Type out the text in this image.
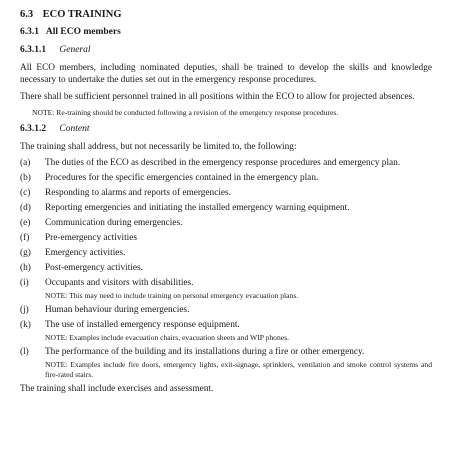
6.3 ECO TRAINING
6.3.1 All ECO members
6.3.1.1 General

All ECO members, including nominated deputies, shall be trained to develop the skills and knowledge necessary to undertake the duties set out in the emergency response procedures.

There shall be sufficient personnel trained in all positions within the ECO to allow for projected absences.

NOTE: Re-training should be conducted following a revision of the emergency response procedures.

6.3.1.2 Content

The training shall address, but not necessarily be limited to, the following:

(a)	The duties of the ECO as described in the emergency response procedures and emergency plan.
(b)	Procedures for the specific emergencies contained in the emergency plan.
(c)	Responding to alarms and reports of emergencies.
(d)	Reporting emergencies and initiating the installed emergency warning equipment.
(e)	Communication during emergencies.
(f)	Pre-emergency activities
(g)	Emergency activities.
(h)	Post-emergency activities.
(i)	Occupants and visitors with disabilities.
NOTE: This may need to include training on personal emergency evacuation plans.
(j)	Human behaviour during emergencies.
(k)	The use of installed emergency response equipment.
NOTE: Examples include evacuation chairs, evacuation sheets and WIP phones.
(l)	The performance of the building and its installations during a fire or other emergency.
NOTE: Examples include fire doors, emergency lights, exit-signage, sprinklers, ventilation and smoke control systems and fire-rated stairs.

The training shall include exercises and assessment.
